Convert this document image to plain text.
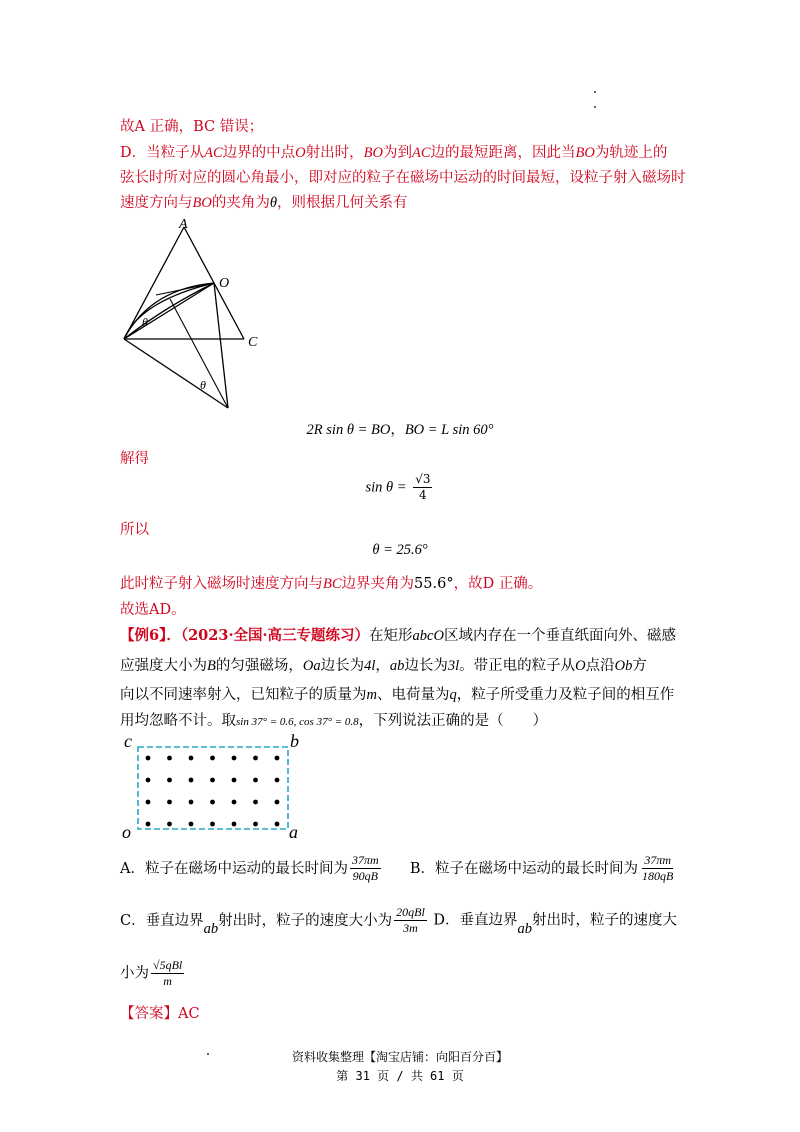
故A 正确，BC 错误；
D．当粒子从AC边界的中点O射出时，BO为到AC边的最短距离，因此当BO为轨迹上的
弦长时所对应的圆心角最小，即对应的粒子在磁场中运动的时间最短，设粒子射入磁场时
速度方向与BO的夹角为θ，则根据几何关系有
A
O
C
θ
θ
2R sin θ = BO，BO = L sin 60°
解得
$\sin \theta = \frac{√3}{4}$
所以
θ = 25.6°
此时粒子射入磁场时速度方向与BC边界夹角为55.6°，故D 正确。
故选AD。
【例6】．（2023·全国·高三专题练习）在矩形abcO区域内存在一个垂直纸面向外、磁感
应强度大小为B的匀强磁场，Oa边长为4l，ab边长为3l。带正电的粒子从O点沿Ob方
向以不同速率射入，已知粒子的质量为m、电荷量为q，粒子所受重力及粒子间的相互作
用均忽略不计。取sin 37° = 0.6, cos 37° = 0.8，下列说法正确的是（　　）
c	b
o	a
A．粒子在磁场中运动的最长时间为 $\frac{37\pi m}{90qB}$ B．粒子在磁场中运动的最长时间为 $\frac{37\pi m}{180qB}$
C．垂直边界ab射出时，粒子的速度大小为 $\frac{\text{20qBl}}{3m}$ D．垂直边界ab射出时，粒子的速度大
小为 $\frac{\text{√5qBl}}{m}$
【答案】AC
资料收集整理【淘宝店铺：向阳百分百】
第 31 页 / 共 61 页
